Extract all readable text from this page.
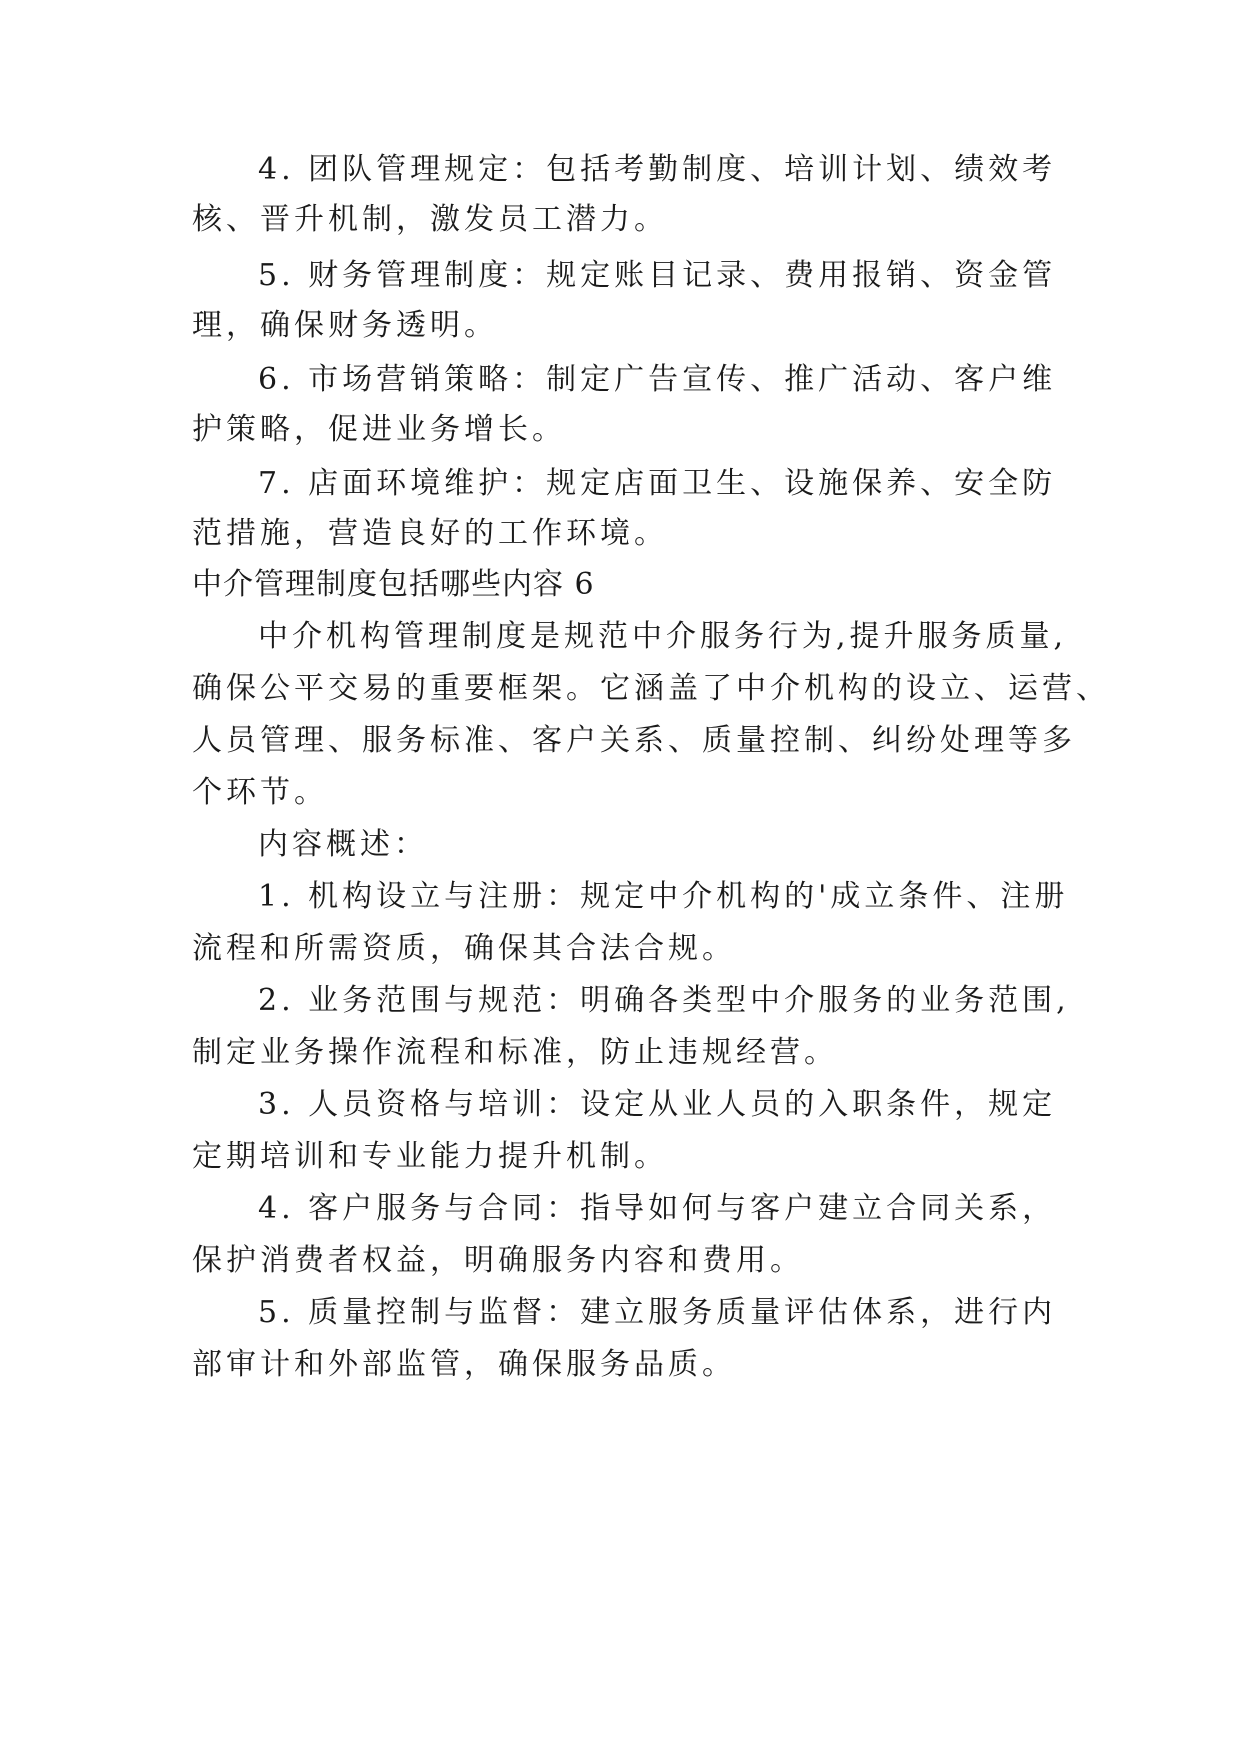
4. 团队管理规定：包括考勤制度、培训计划、绩效考
核、晋升机制，激发员工潜力。
5. 财务管理制度：规定账目记录、费用报销、资金管
理，确保财务透明。
6. 市场营销策略：制定广告宣传、推广活动、客户维
护策略，促进业务增长。
7. 店面环境维护：规定店面卫生、设施保养、安全防
范措施，营造良好的工作环境。
中介管理制度包括哪些内容 6
中介机构管理制度是规范中介服务行为,提升服务质量,
确保公平交易的重要框架。它涵盖了中介机构的设立、运营、
人员管理、服务标准、客户关系、质量控制、纠纷处理等多
个环节。
内容概述：
1. 机构设立与注册：规定中介机构的'成立条件、注册
流程和所需资质，确保其合法合规。
2. 业务范围与规范：明确各类型中介服务的业务范围,
制定业务操作流程和标准，防止违规经营。
3. 人员资格与培训：设定从业人员的入职条件，规定
定期培训和专业能力提升机制。
4. 客户服务与合同：指导如何与客户建立合同关系，
保护消费者权益，明确服务内容和费用。
5. 质量控制与监督：建立服务质量评估体系，进行内
部审计和外部监管，确保服务品质。
